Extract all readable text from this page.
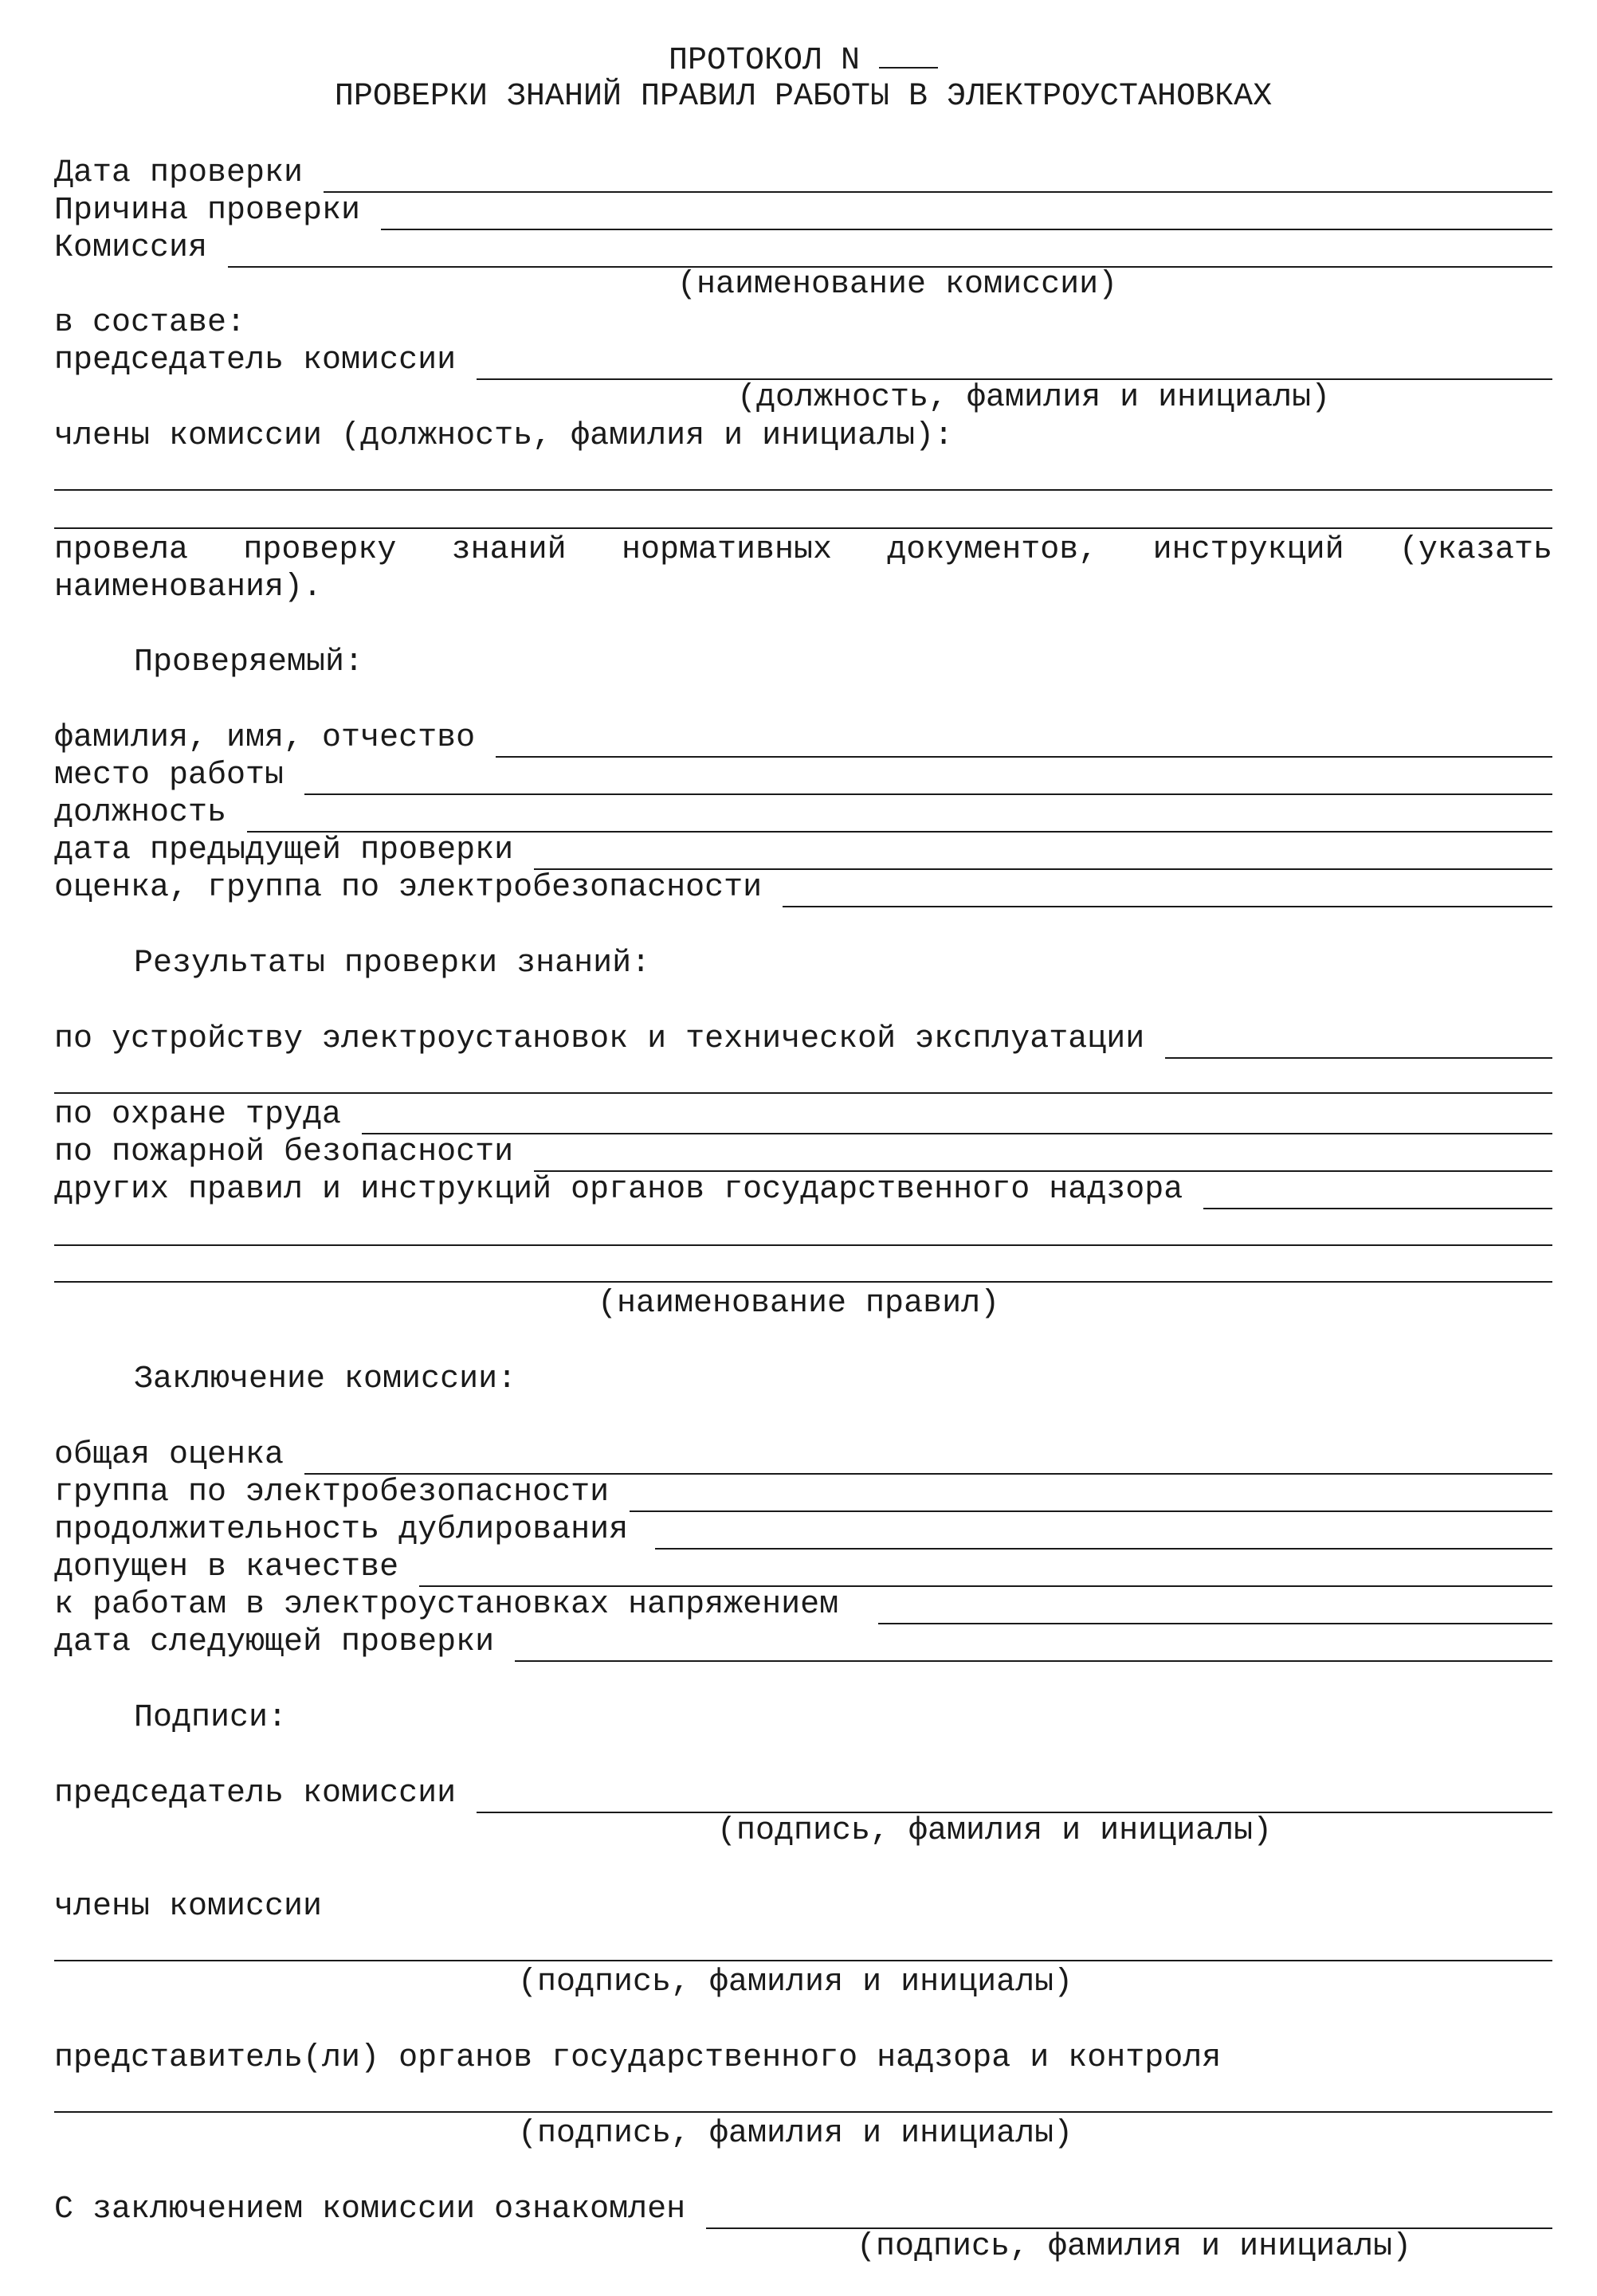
ПРОТОКОЛ N
ПРОВЕРКИ ЗНАНИЙ ПРАВИЛ РАБОТЫ В ЭЛЕКТРОУСТАНОВКАХ
Дата проверки
Причина проверки
Комиссия
(наименование комиссии)
в составе:
председатель комиссии
(должность, фамилия и инициалы)
члены комиссии (должность, фамилия и инициалы):
провела проверку знаний нормативных документов, инструкций (указать
наименования).
Проверяемый:
фамилия, имя, отчество
место работы
должность
дата предыдущей проверки
оценка, группа по электробезопасности
Результаты проверки знаний:
по устройству электроустановок и технической эксплуатации
по охране труда
по пожарной безопасности
других правил и инструкций органов государственного надзора
(наименование правил)
Заключение комиссии:
общая оценка
группа по электробезопасности
продолжительность дублирования
допущен в качестве
к работам в электроустановках напряжением
дата следующей проверки
Подписи:
председатель комиссии
(подпись, фамилия и инициалы)
члены комиссии
(подпись, фамилия и инициалы)
представитель(ли) органов государственного надзора и контроля
(подпись, фамилия и инициалы)
С заключением комиссии ознакомлен
(подпись, фамилия и инициалы)
